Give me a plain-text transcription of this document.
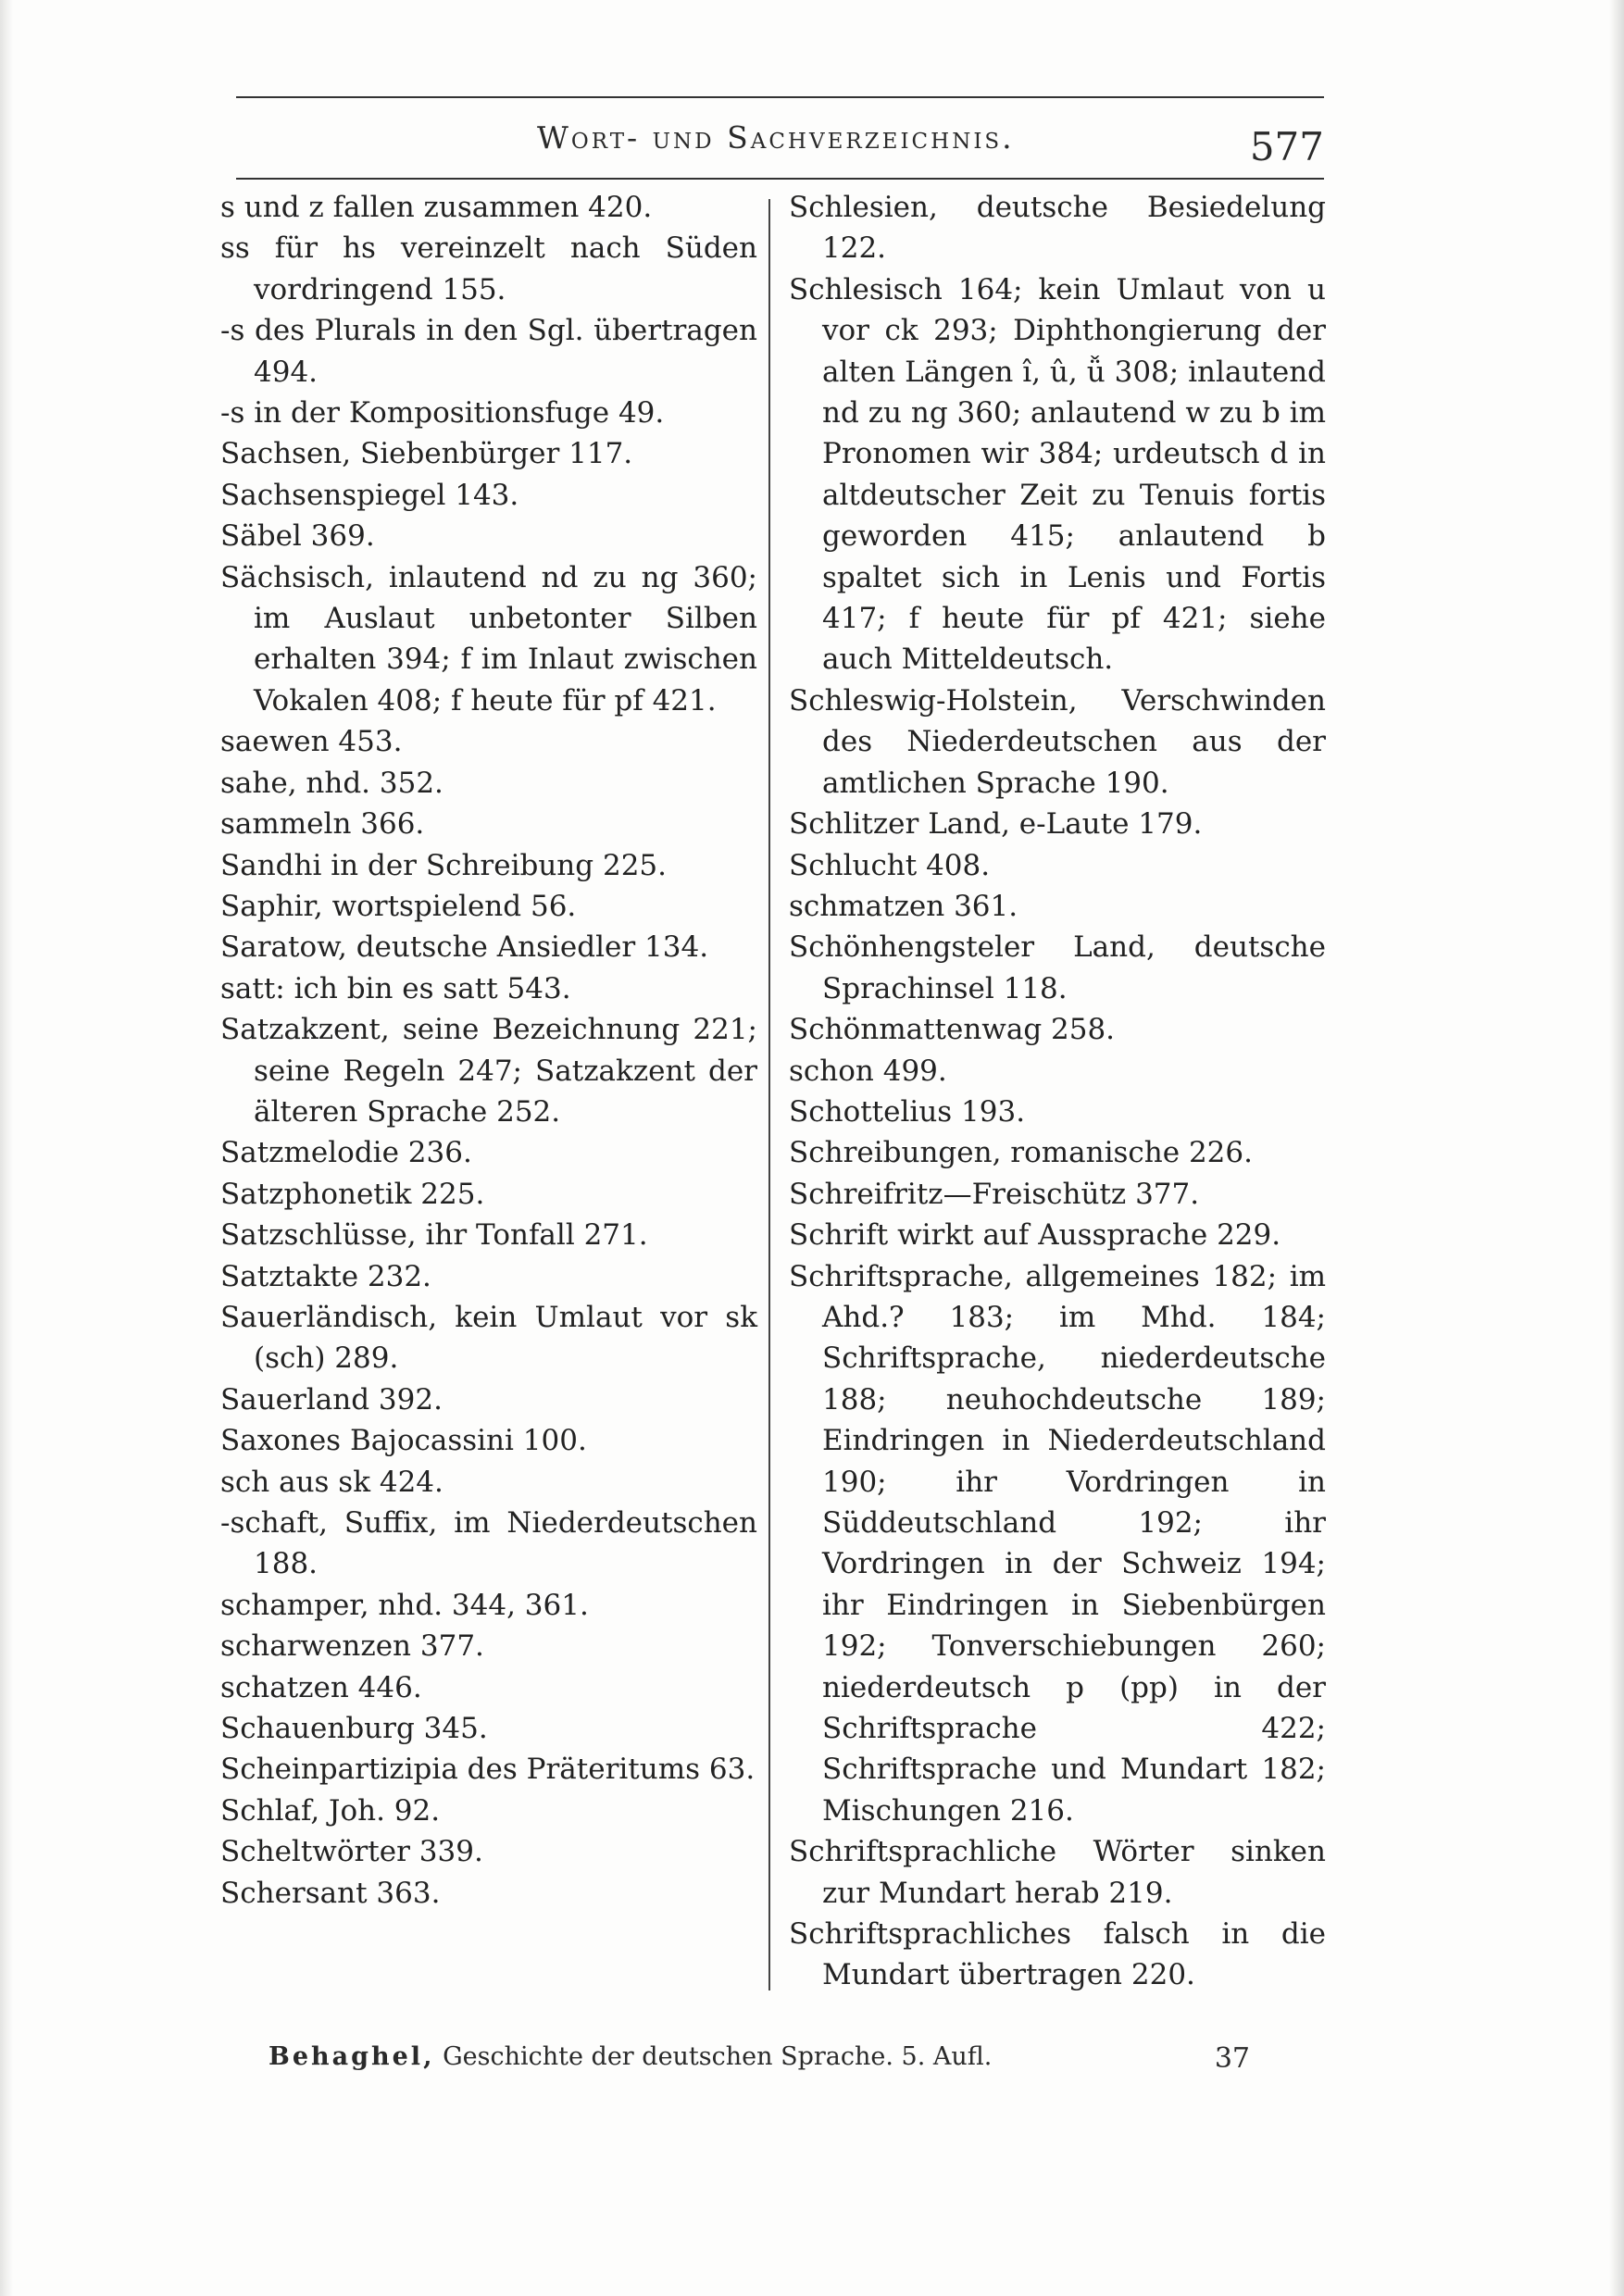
Wort- und Sachverzeichnis.	577
s und z fallen zusammen 420.
ss für hs vereinzelt nach Süden vordringend 155.
-s des Plurals in den Sgl. übertragen 494.
-s in der Kompositionsfuge 49.
Sachsen, Siebenbürger 117.
Sachsenspiegel 143.
Säbel 369.
Sächsisch, inlautend nd zu ng 360; im Auslaut unbetonter Silben erhalten 394; f im Inlaut zwischen Vokalen 408; f heute für pf 421.
saewen 453.
sahe, nhd. 352.
sammeln 366.
Sandhi in der Schreibung 225.
Saphir, wortspielend 56.
Saratow, deutsche Ansiedler 134.
satt: ich bin es satt 543.
Satzakzent, seine Bezeichnung 221; seine Regeln 247; Satzakzent der älteren Sprache 252.
Satzmelodie 236.
Satzphonetik 225.
Satzschlüsse, ihr Tonfall 271.
Satztakte 232.
Sauerländisch, kein Umlaut vor sk (sch) 289.
Sauerland 392.
Saxones Bajocassini 100.
sch aus sk 424.
-schaft, Suffix, im Niederdeutschen 188.
schamper, nhd. 344, 361.
scharwenzen 377.
schatzen 446.
Schauenburg 345.
Scheinpartizipia des Präteritums 63.
Schlaf, Joh. 92.
Scheltwörter 339.
Schersant 363.
Schlesien, deutsche Besiedelung 122.
Schlesisch 164; kein Umlaut von u vor ck 293; Diphthongierung der alten Längen î, û, ǚ 308; inlautend nd zu ng 360; anlautend w zu b im Pronomen wir 384; urdeutsch d in altdeutscher Zeit zu Tenuis fortis geworden 415; anlautend b spaltet sich in Lenis und Fortis 417; f heute für pf 421; siehe auch Mitteldeutsch.
Schleswig-Holstein, Verschwinden des Niederdeutschen aus der amtlichen Sprache 190.
Schlitzer Land, e-Laute 179.
Schlucht 408.
schmatzen 361.
Schönhengsteler Land, deutsche Sprachinsel 118.
Schönmattenwag 258.
schon 499.
Schottelius 193.
Schreibungen, romanische 226.
Schreifritz—Freischütz 377.
Schrift wirkt auf Aussprache 229.
Schriftsprache, allgemeines 182; im Ahd.? 183; im Mhd. 184; Schriftsprache, niederdeutsche 188; neuhochdeutsche 189; Eindringen in Niederdeutschland 190; ihr Vordringen in Süddeutschland 192; ihr Vordringen in der Schweiz 194; ihr Eindringen in Siebenbürgen 192; Tonverschiebungen 260; niederdeutsch p (pp) in der Schriftsprache 422; Schriftsprache und Mundart 182; Mischungen 216.
Schriftsprachliche Wörter sinken zur Mundart herab 219.
Schriftsprachliches falsch in die Mundart übertragen 220.
Behaghel, Geschichte der deutschen Sprache. 5. Aufl.	37
